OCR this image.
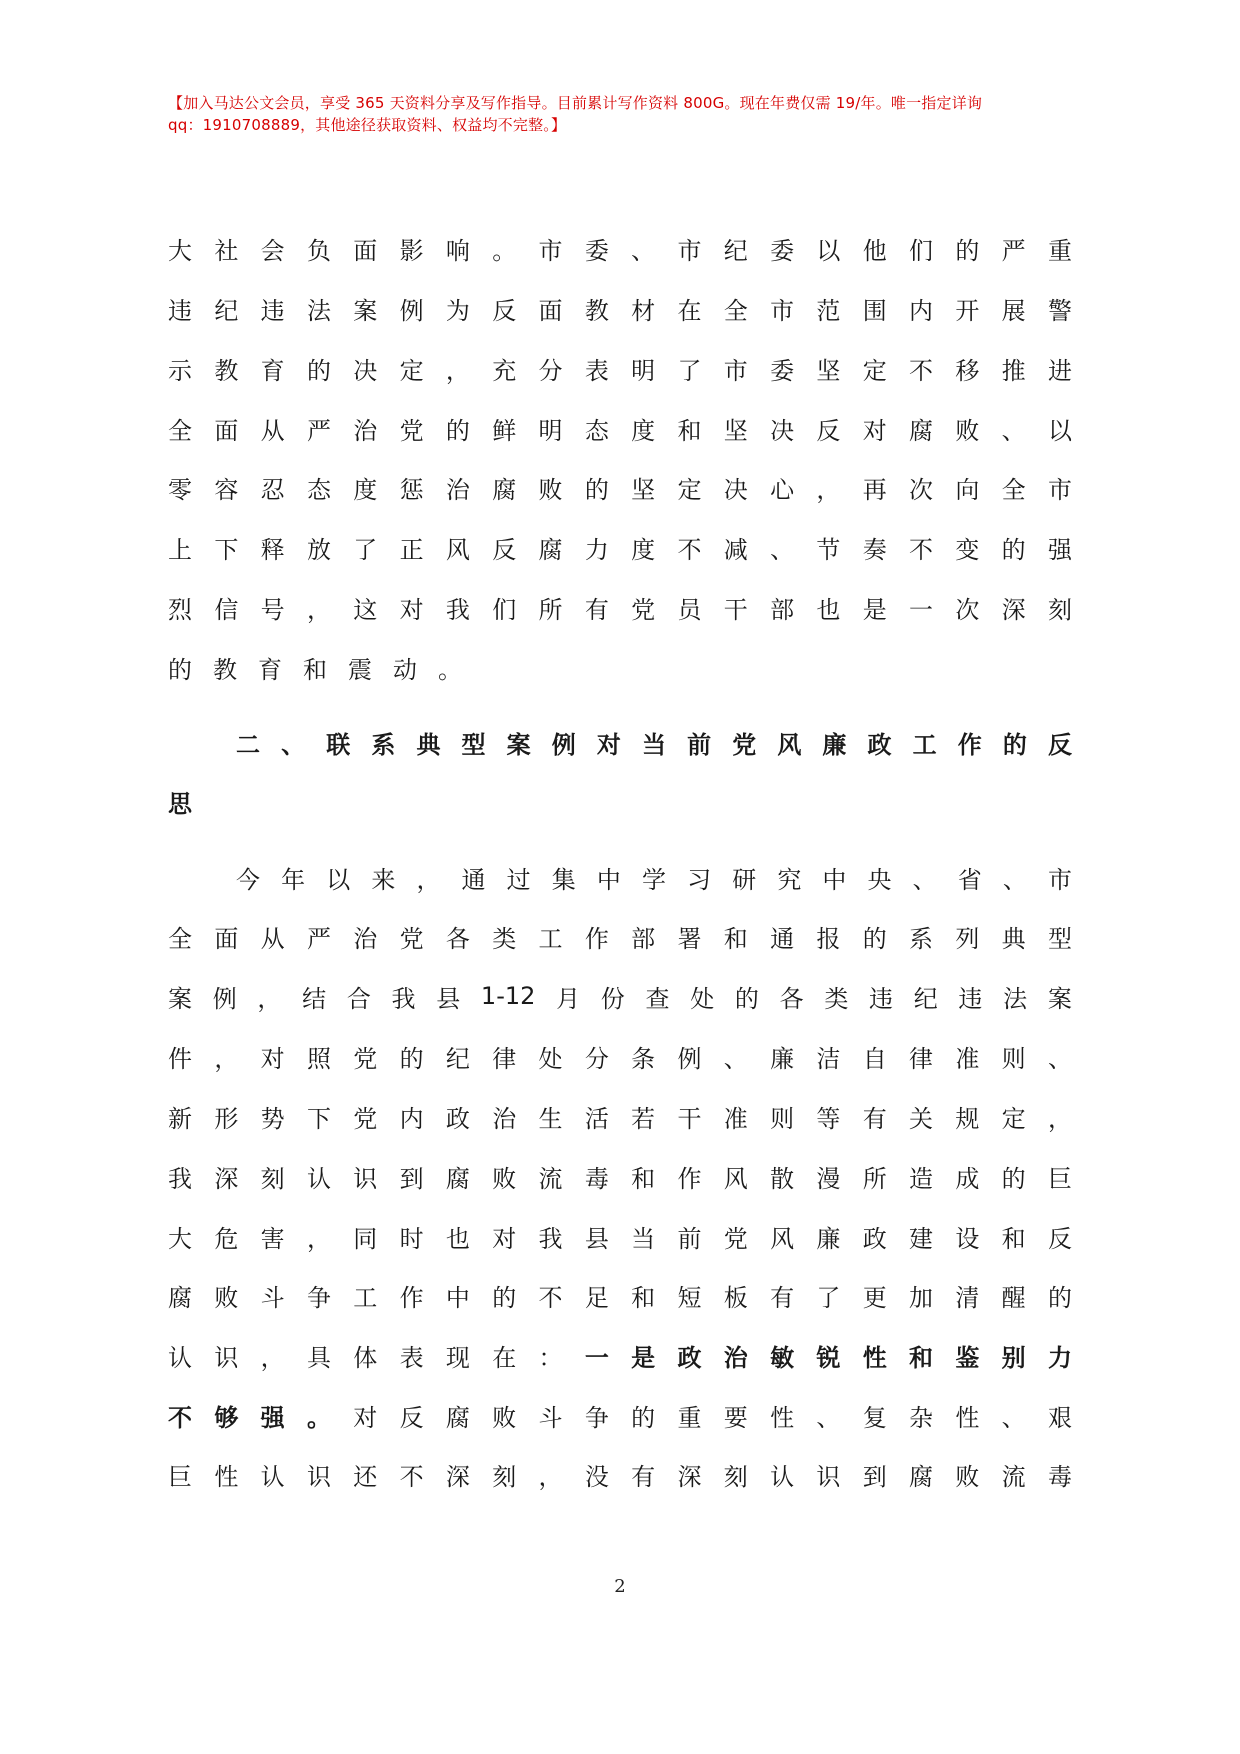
【加入马达公文会员，享受 365 天资料分享及写作指导。目前累计写作资料 800G。现在年费仅需 19/年。唯一指定详询
qq：1910708889，其他途径获取资料、权益均不完整。】
大 社 会 负 面 影 响 。 市 委 、 市 纪 委 以 他 们 的 严 重
违 纪 违 法 案 例 为 反 面 教 材 在 全 市 范 围 内 开 展 警
示 教 育 的 决 定 ， 充 分 表 明 了 市 委 坚 定 不 移 推 进
全 面 从 严 治 党 的 鲜 明 态 度 和 坚 决 反 对 腐 败 、 以
零 容 忍 态 度 惩 治 腐 败 的 坚 定 决 心 ， 再 次 向 全 市
上 下 释 放 了 正 风 反 腐 力 度 不 减 、 节 奏 不 变 的 强
烈 信 号 ， 这 对 我 们 所 有 党 员 干 部 也 是 一 次 深 刻
的 教 育 和 震 动 。
二 、 联 系 典 型 案 例 对 当 前 党 风 廉 政 工 作 的 反
思
今 年 以 来 ， 通 过 集 中 学 习 研 究 中 央 、 省 、 市
全 面 从 严 治 党 各 类 工 作 部 署 和 通 报 的 系 列 典 型
案 例 ， 结 合 我 县 1-12 月 份 查 处 的 各 类 违 纪 违 法 案
件 ， 对 照 党 的 纪 律 处 分 条 例 、 廉 洁 自 律 准 则 、
新 形 势 下 党 内 政 治 生 活 若 干 准 则 等 有 关 规 定 ，
我 深 刻 认 识 到 腐 败 流 毒 和 作 风 散 漫 所 造 成 的 巨
大 危 害 ， 同 时 也 对 我 县 当 前 党 风 廉 政 建 设 和 反
腐 败 斗 争 工 作 中 的 不 足 和 短 板 有 了 更 加 清 醒 的
认 识 ， 具 体 表 现 在 ： 一 是 政 治 敏 锐 性 和 鉴 别 力
不 够 强 。 对 反 腐 败 斗 争 的 重 要 性 、 复 杂 性 、 艰
巨 性 认 识 还 不 深 刻 ， 没 有 深 刻 认 识 到 腐 败 流 毒
2
